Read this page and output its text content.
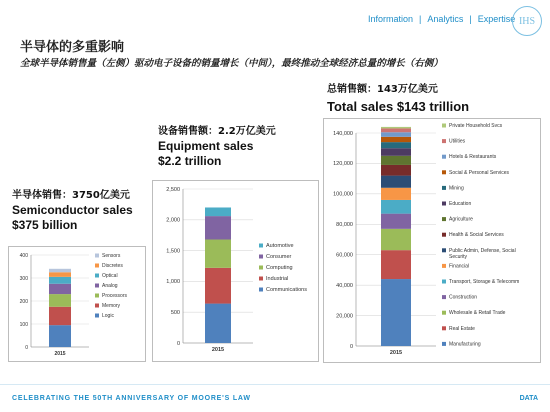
Information | Analytics | Expertise IHS
半导体的多重影响
全球半导体销售量（左侧）驱动电子设备的销量增长（中间），最终推动全球经济总量的增长（右侧）
半导体销售：3750亿美元
Semiconductor sales
$375 billion
设备销售额：2.2万亿美元
Equipment sales
$2.2 trillion
总销售额：143万亿美元
Total sales $143 trillion
0
100
200
300
400
2015
Sensors
Discretes
Optical
Analog
Processors
Memory
Logic
0
500
1,000
1,500
2,000
2,500
2015
Automotive
Consumer
Computing
Industrial
Communications
0
20,000
40,000
60,000
80,000
100,000
120,000
140,000
2015
Private Household Svcs
Utilities
Hotels & Restaurants
Social & Personal Services
Mining
Education
Agriculture
Health & Social Services
Public Admin, Defense, Social
Security
Financial
Transport, Storage & Telecomm
Construction
Wholesale & Retail Trade
Real Estate
Manufacturing
CELEBRATING THE 50TH ANNIVERSARY OF MOORE'S LAW	DATA
